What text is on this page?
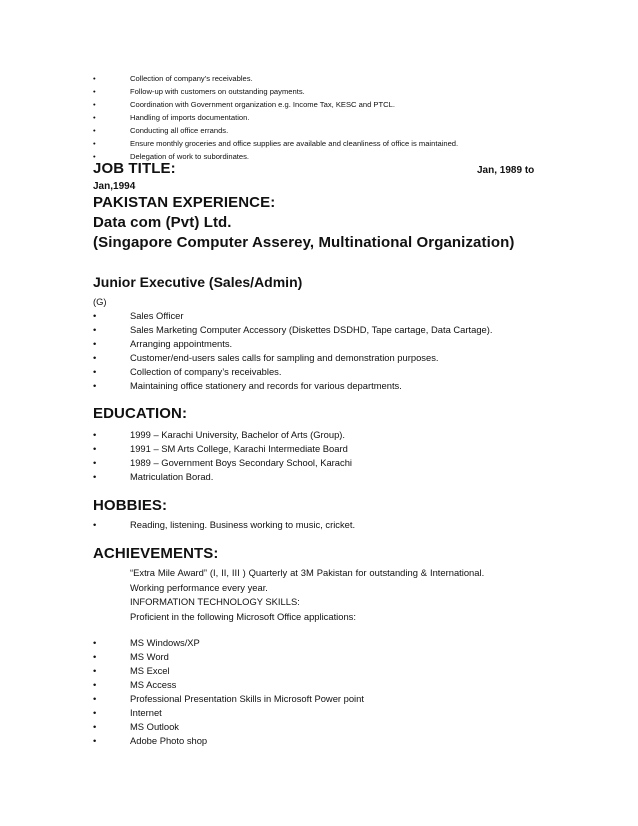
•	Collection of company’s receivables.
•	Follow-up with customers on outstanding payments.
•	Coordination with Government organization e.g. Income Tax, KESC and PTCL.
•	Handling of imports documentation.
•	Conducting all office errands.
•	Ensure monthly groceries and office supplies are available and cleanliness of office is maintained.
•	Delegation of work to subordinates.
JOB TITLE:	Jan, 1989 to
Jan,1994
PAKISTAN EXPERIENCE:
Data com (Pvt) Ltd.
(Singapore Computer Asserey, Multinational Organization)
Junior Executive (Sales/Admin)
(G)
•	Sales Officer
•	Sales Marketing Computer Accessory (Diskettes DSDHD, Tape cartage, Data Cartage).
•	Arranging appointments.
•	Customer/end-users sales calls for sampling and demonstration purposes.
•	Collection of company’s receivables.
•	Maintaining office stationery and records for various departments.
EDUCATION:
•	1999 – Karachi University, Bachelor of Arts (Group).
•	1991 – SM Arts College, Karachi Intermediate Board
•	1989 – Government Boys Secondary School, Karachi
•	Matriculation Borad.
HOBBIES:
•	Reading, listening. Business working to music, cricket.
ACHIEVEMENTS:
“Extra Mile Award” (I, II, III ) Quarterly at 3M Pakistan for outstanding & International.
Working performance every year.
INFORMATION TECHNOLOGY SKILLS:
Proficient in the following Microsoft Office applications:
•	MS Windows/XP
•	MS Word
•	MS Excel
•	MS Access
•	Professional Presentation Skills in Microsoft Power point
•	Internet
•	MS Outlook
•	Adobe Photo shop
